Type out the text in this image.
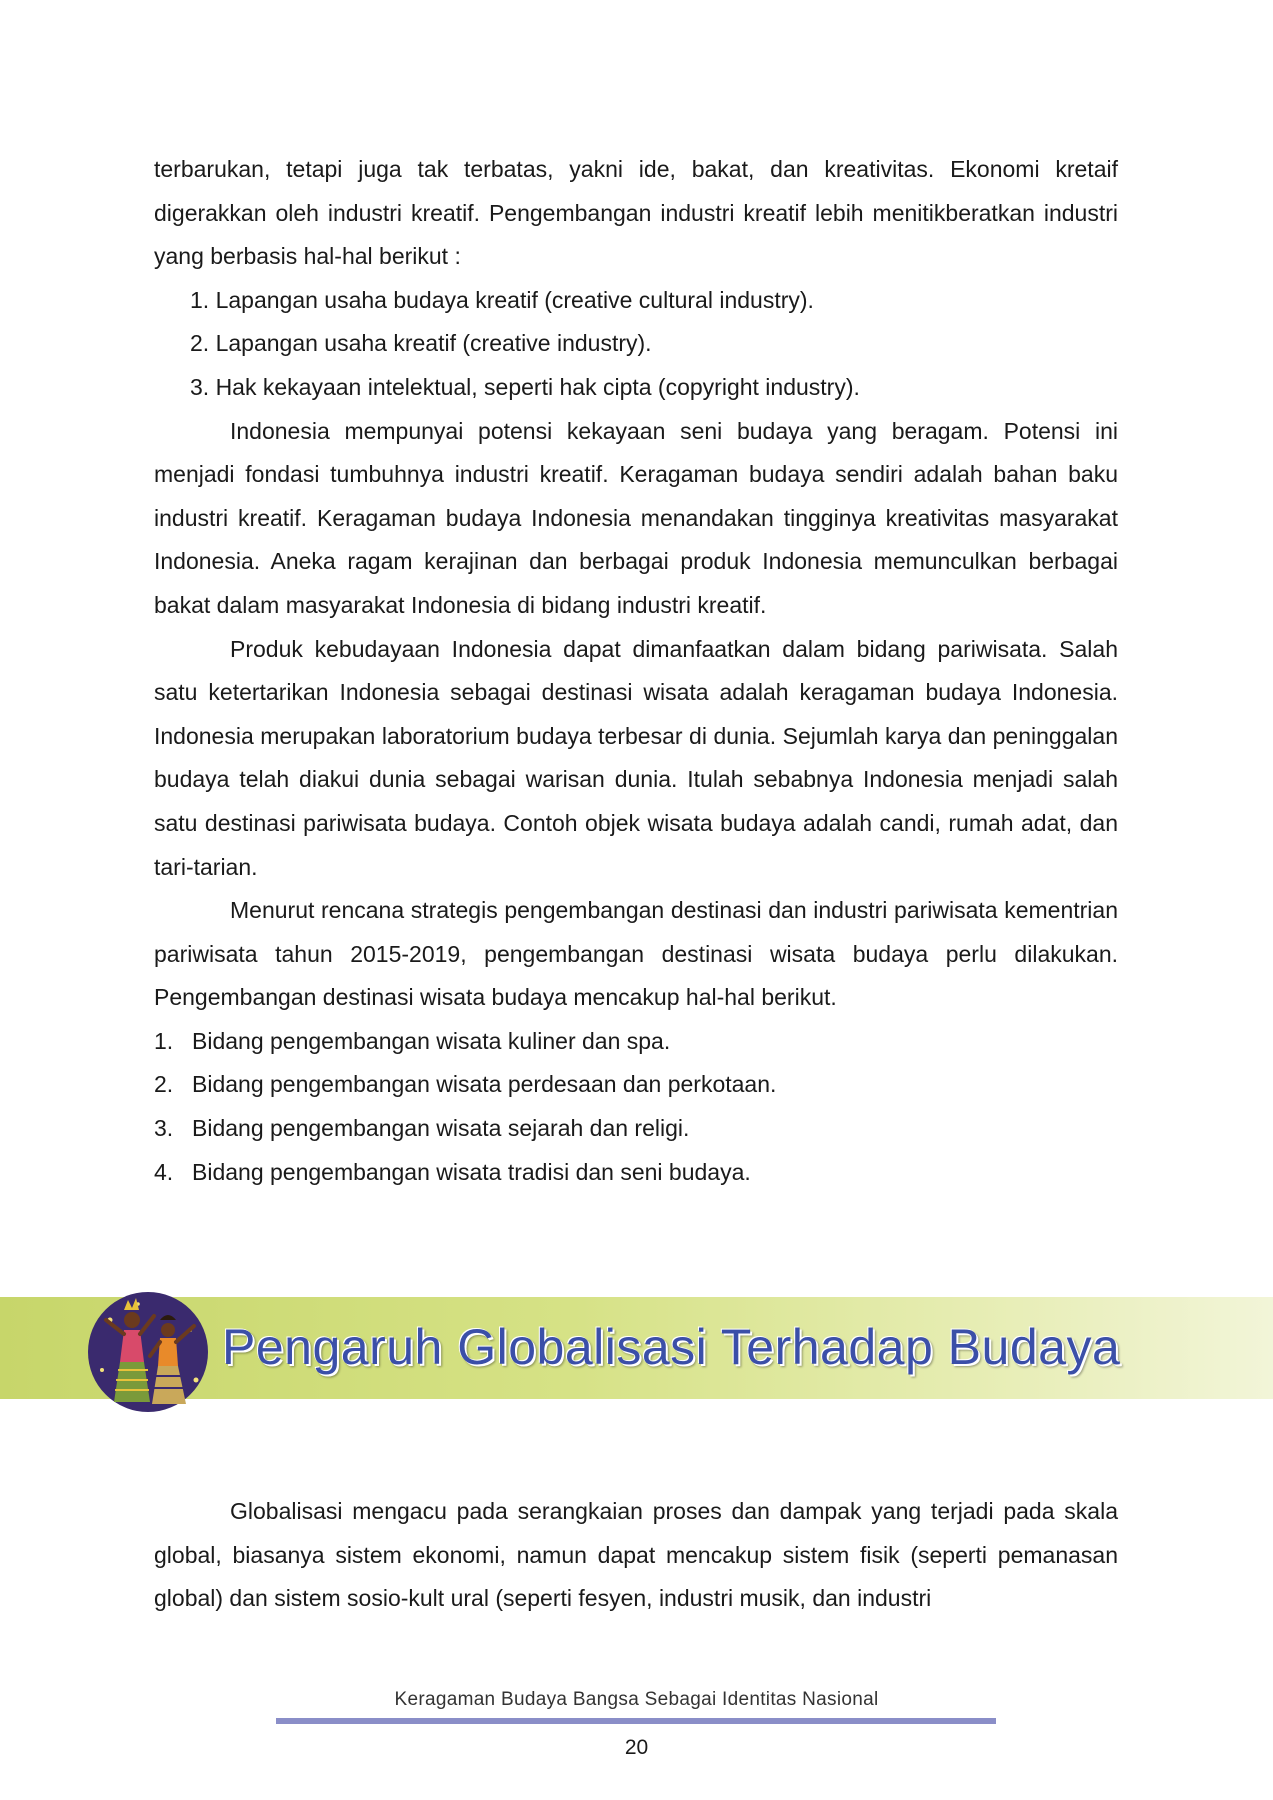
terbarukan, tetapi juga tak terbatas, yakni ide, bakat, dan kreativitas. Ekonomi kretaif digerakkan oleh industri kreatif. Pengembangan industri kreatif lebih menitikberatkan industri yang berbasis hal-hal berikut :

1. Lapangan usaha budaya kreatif (creative cultural industry).
2. Lapangan usaha kreatif (creative industry).
3. Hak kekayaan intelektual, seperti hak cipta (copyright industry).

Indonesia mempunyai potensi kekayaan seni budaya yang beragam. Potensi ini menjadi fondasi tumbuhnya industri kreatif. Keragaman budaya sendiri adalah bahan baku industri kreatif. Keragaman budaya Indonesia menandakan tingginya kreativitas masyarakat Indonesia. Aneka ragam kerajinan dan berbagai produk Indonesia memunculkan berbagai bakat dalam masyarakat Indonesia di bidang industri kreatif.

Produk kebudayaan Indonesia dapat dimanfaatkan dalam bidang pariwisata. Salah satu ketertarikan Indonesia sebagai destinasi wisata adalah keragaman budaya Indonesia. Indonesia merupakan laboratorium budaya terbesar di dunia. Sejumlah karya dan peninggalan budaya telah diakui dunia sebagai warisan dunia. Itulah sebabnya Indonesia menjadi salah satu destinasi pariwisata budaya. Contoh objek wisata budaya adalah candi, rumah adat, dan tari-tarian.

Menurut rencana strategis pengembangan destinasi dan industri pariwisata kementrian pariwisata tahun 2015-2019, pengembangan destinasi wisata budaya perlu dilakukan. Pengembangan destinasi wisata budaya mencakup hal-hal berikut.

1. Bidang pengembangan wisata kuliner dan spa.
2. Bidang pengembangan wisata perdesaan dan perkotaan.
3. Bidang pengembangan wisata sejarah dan religi.
4. Bidang pengembangan wisata tradisi dan seni budaya.
Pengaruh Globalisasi Terhadap Budaya

Globalisasi mengacu pada serangkaian proses dan dampak yang terjadi pada skala global, biasanya sistem ekonomi, namun dapat mencakup sistem fisik (seperti pemanasan global) dan sistem sosio-kult ural (seperti fesyen, industri musik, dan industri

Keragaman Budaya Bangsa Sebagai Identitas Nasional
20
